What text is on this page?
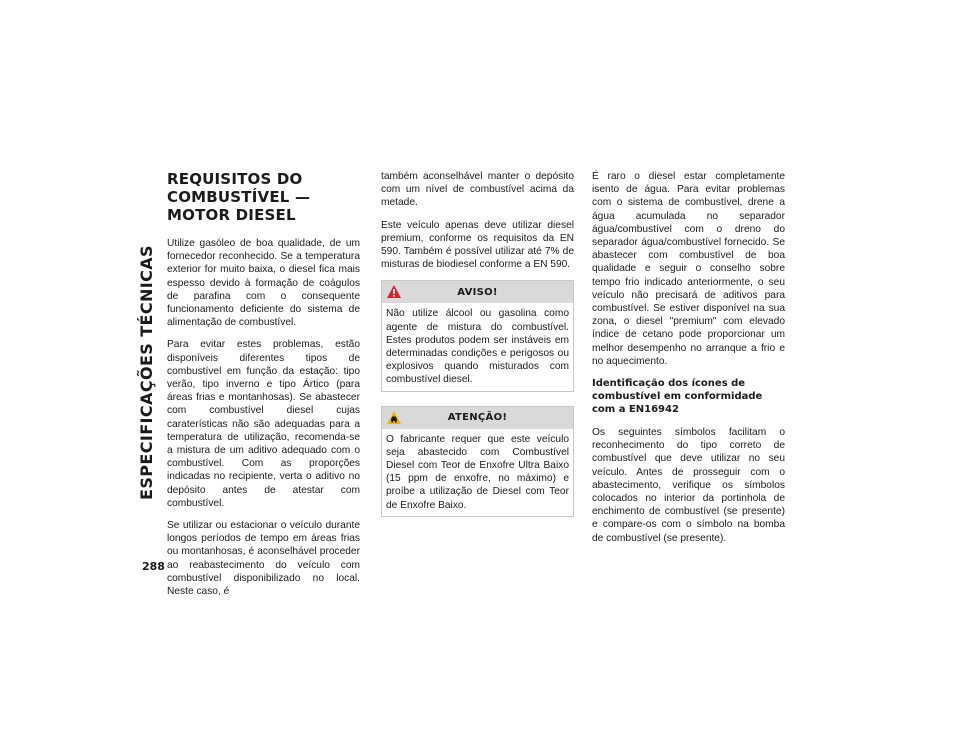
ESPECIFICAÇÕES TÉCNICAS
288
REQUISITOS DO COMBUSTÍVEL — MOTOR DIESEL

Utilize gasóleo de boa qualidade, de um fornecedor reconhecido. Se a temperatura exterior for muito baixa, o diesel fica mais espesso devido à formação de coágulos de parafina com o consequente funcionamento deficiente do sistema de alimentação de combustível.

Para evitar estes problemas, estão disponíveis diferentes tipos de combustível em função da estação: tipo verão, tipo inverno e tipo Ártico (para áreas frias e montanhosas). Se abastecer com combustível diesel cujas caraterísticas não são adequadas para a temperatura de utilização, recomenda-se a mistura de um aditivo adequado com o combustível. Com as proporções indicadas no recipiente, verta o aditivo no depósito antes de atestar com combustível.

Se utilizar ou estacionar o veículo durante longos períodos de tempo em áreas frias ou montanhosas, é aconselhável proceder ao reabastecimento do veículo com combustível disponibilizado no local. Neste caso, é

também aconselhável manter o depósito com um nível de combustível acima da metade.

Este veículo apenas deve utilizar diesel premium, conforme os requisitos da EN 590. Também é possível utilizar até 7% de misturas de biodiesel conforme a EN 590.

AVISO!

Não utilize álcool ou gasolina como agente de mistura do combustível. Estes produtos podem ser instáveis em determinadas condições e perigosos ou explosivos quando misturados com combustível diesel.

ATENÇÃO!

O fabricante requer que este veículo seja abastecido com Combustível Diesel com Teor de Enxofre Ultra Baixo (15 ppm de enxofre, no máximo) e proíbe a utilização de Diesel com Teor de Enxofre Baixo.

É raro o diesel estar completamente isento de água. Para evitar problemas com o sistema de combustível, drene a água acumulada no separador água/combustível com o dreno do separador água/combustível fornecido. Se abastecer com combustível de boa qualidade e seguir o conselho sobre tempo frio indicado anteriormente, o seu veículo não precisará de aditivos para combustível. Se estiver disponível na sua zona, o diesel "premium" com elevado índice de cetano pode proporcionar um melhor desempenho no arranque a frio e no aquecimento.

Identificação dos ícones de combustível em conformidade com a EN16942

Os seguintes símbolos facilitam o reconhecimento do tipo correto de combustível que deve utilizar no seu veículo. Antes de prosseguir com o abastecimento, verifique os símbolos colocados no interior da portinhola de enchimento de combustível (se presente) e compare-os com o símbolo na bomba de combustível (se presente).
